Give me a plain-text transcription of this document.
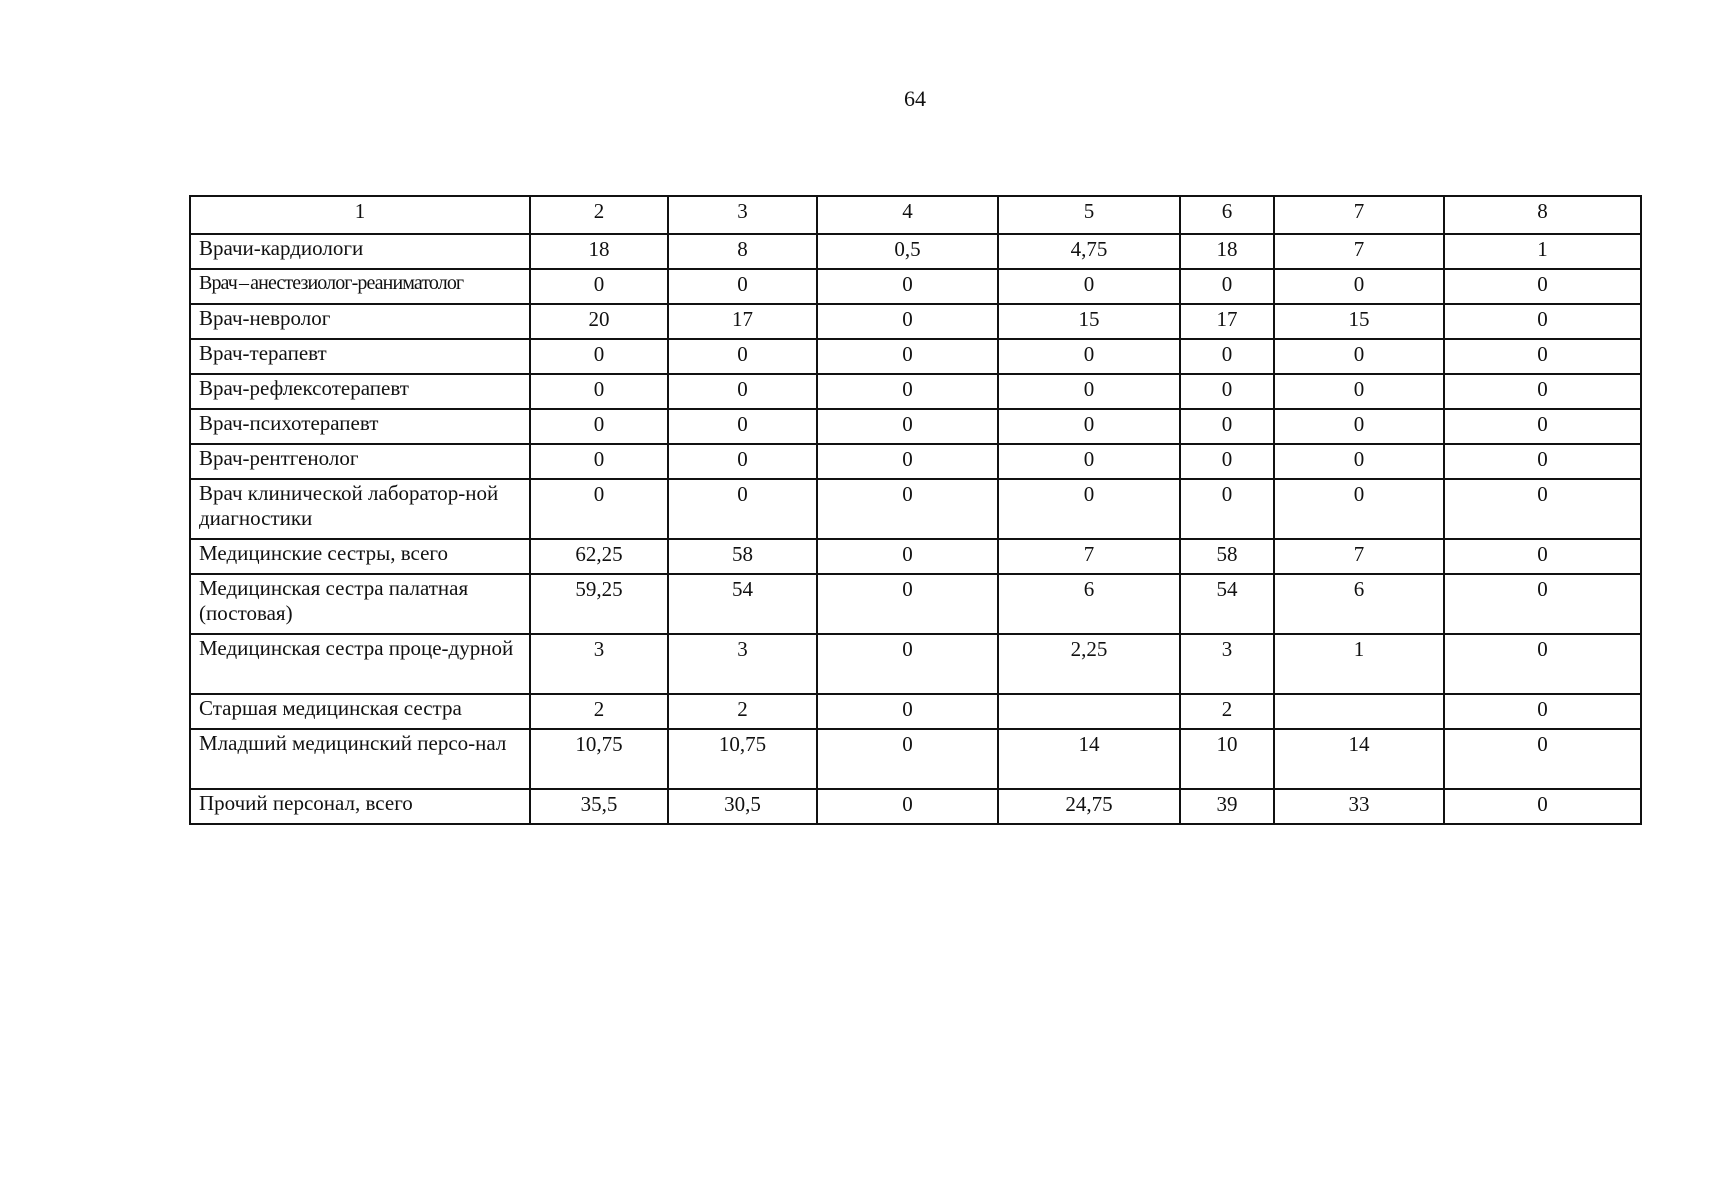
64
1	2	3	4	5	6	7	8
Врачи-кардиологи	18	8	0,5	4,75	18	7	1
Врач – анестезиолог-реаниматолог	0	0	0	0	0	0	0
Врач-невролог	20	17	0	15	17	15	0
Врач-терапевт	0	0	0	0	0	0	0
Врач-рефлексотерапевт	0	0	0	0	0	0	0
Врач-психотерапевт	0	0	0	0	0	0	0
Врач-рентгенолог	0	0	0	0	0	0	0
Врач клинической лаборатор-ной диагностики	0	0	0	0	0	0	0
Медицинские сестры, всего	62,25	58	0	7	58	7	0
Медицинская сестра палатная (постовая)	59,25	54	0	6	54	6	0
Медицинская сестра проце-дурной	3	3	0	2,25	3	1	0
Старшая медицинская сестра	2	2	0		2		0
Младший медицинский персо-нал	10,75	10,75	0	14	10	14	0
Прочий персонал, всего	35,5	30,5	0	24,75	39	33	0
